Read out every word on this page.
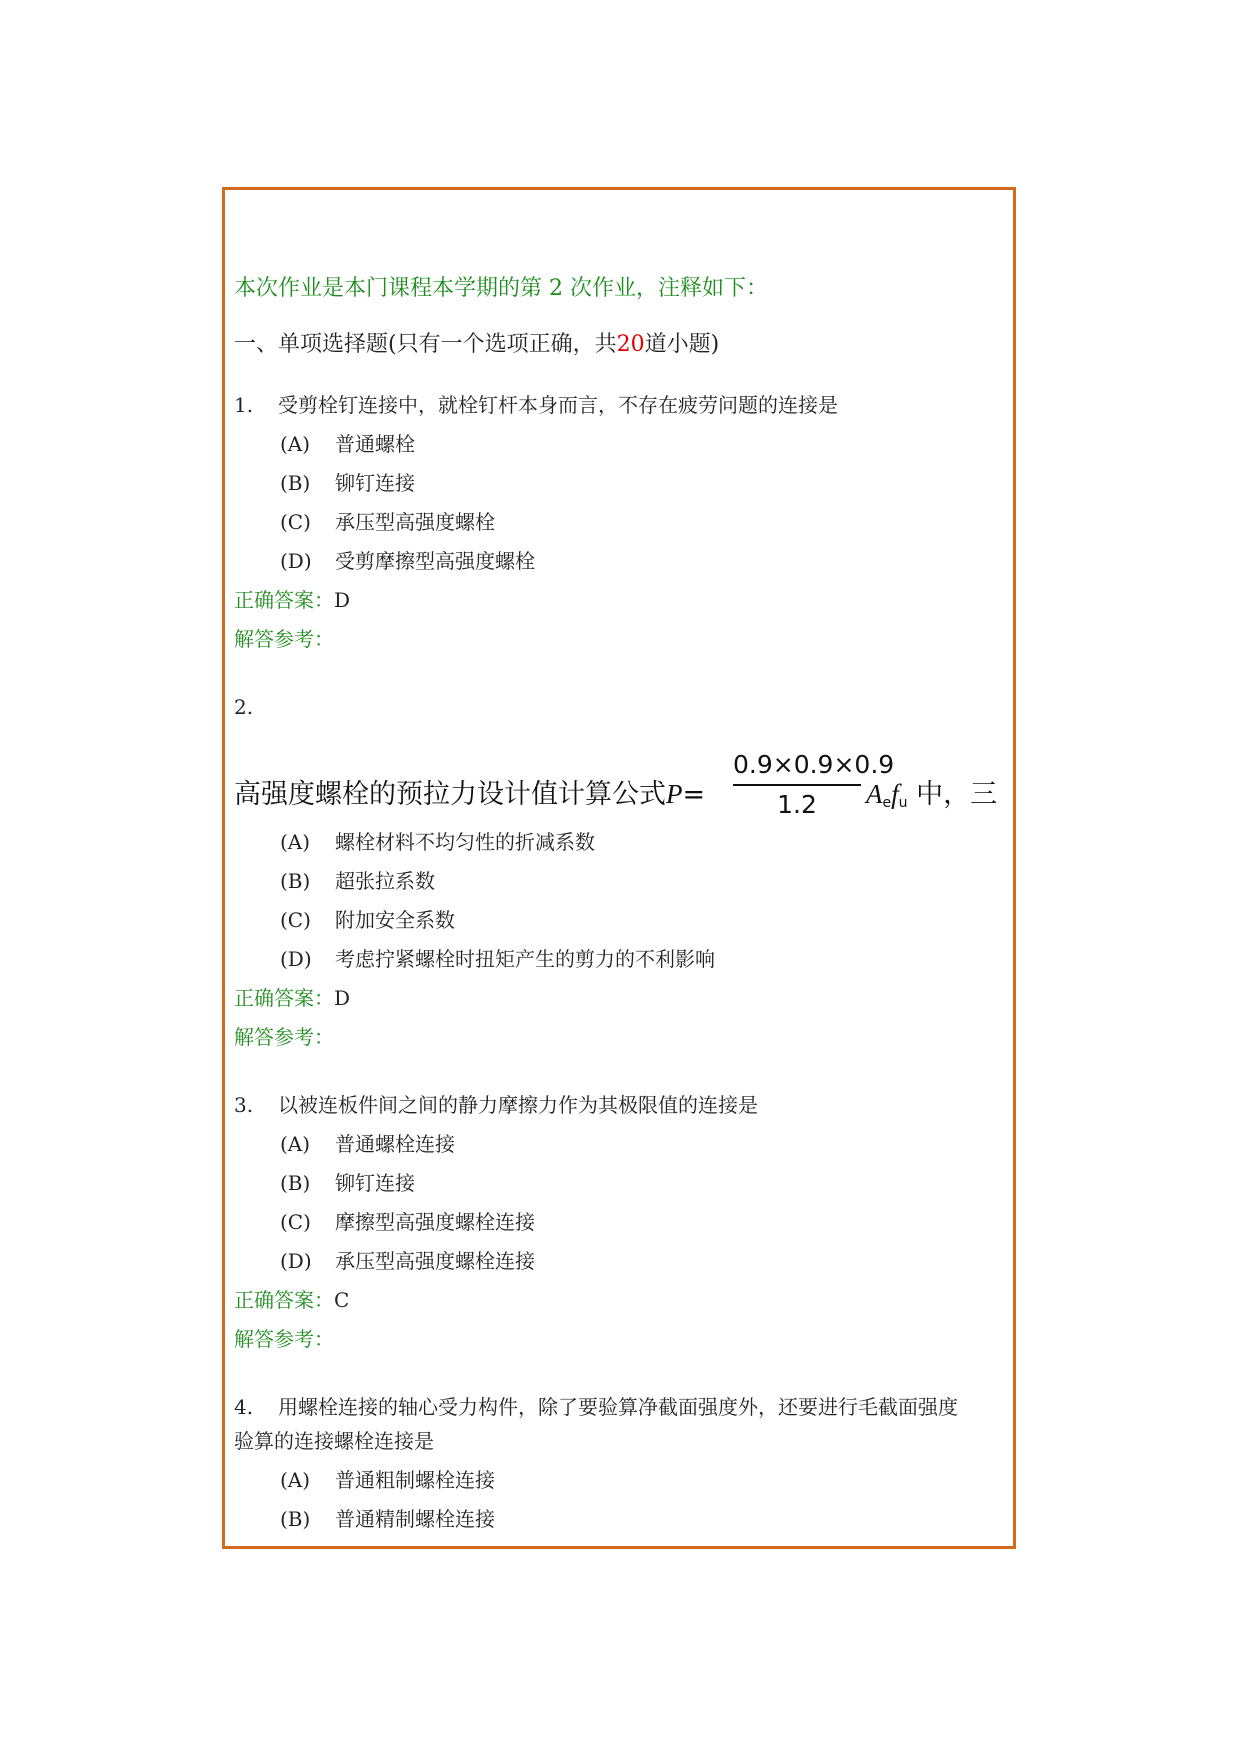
本次作业是本门课程本学期的第 2 次作业，注释如下：
一、单项选择题(只有一个选项正确，共20道小题)
1. 受剪栓钉连接中，就栓钉杆本身而言，不存在疲劳问题的连接是
(A) 普通螺栓
(B) 铆钉连接
(C) 承压型高强度螺栓
(D) 受剪摩擦型高强度螺栓
正确答案：D
解答参考：
2.
高强度螺栓的预拉力设计值计算公式P=
0.9×0.9×0.9
1.2	$A_ef_u$ 中，三
(A) 螺栓材料不均匀性的折减系数
(B) 超张拉系数
(C) 附加安全系数
(D) 考虑拧紧螺栓时扭矩产生的剪力的不利影响
正确答案：D
解答参考：
3. 以被连板件间之间的静力摩擦力作为其极限值的连接是
(A) 普通螺栓连接
(B) 铆钉连接
(C) 摩擦型高强度螺栓连接
(D) 承压型高强度螺栓连接
正确答案：C
解答参考：
4. 用螺栓连接的轴心受力构件，除了要验算净截面强度外，还要进行毛截面强度
验算的连接螺栓连接是
(A) 普通粗制螺栓连接
(B) 普通精制螺栓连接
